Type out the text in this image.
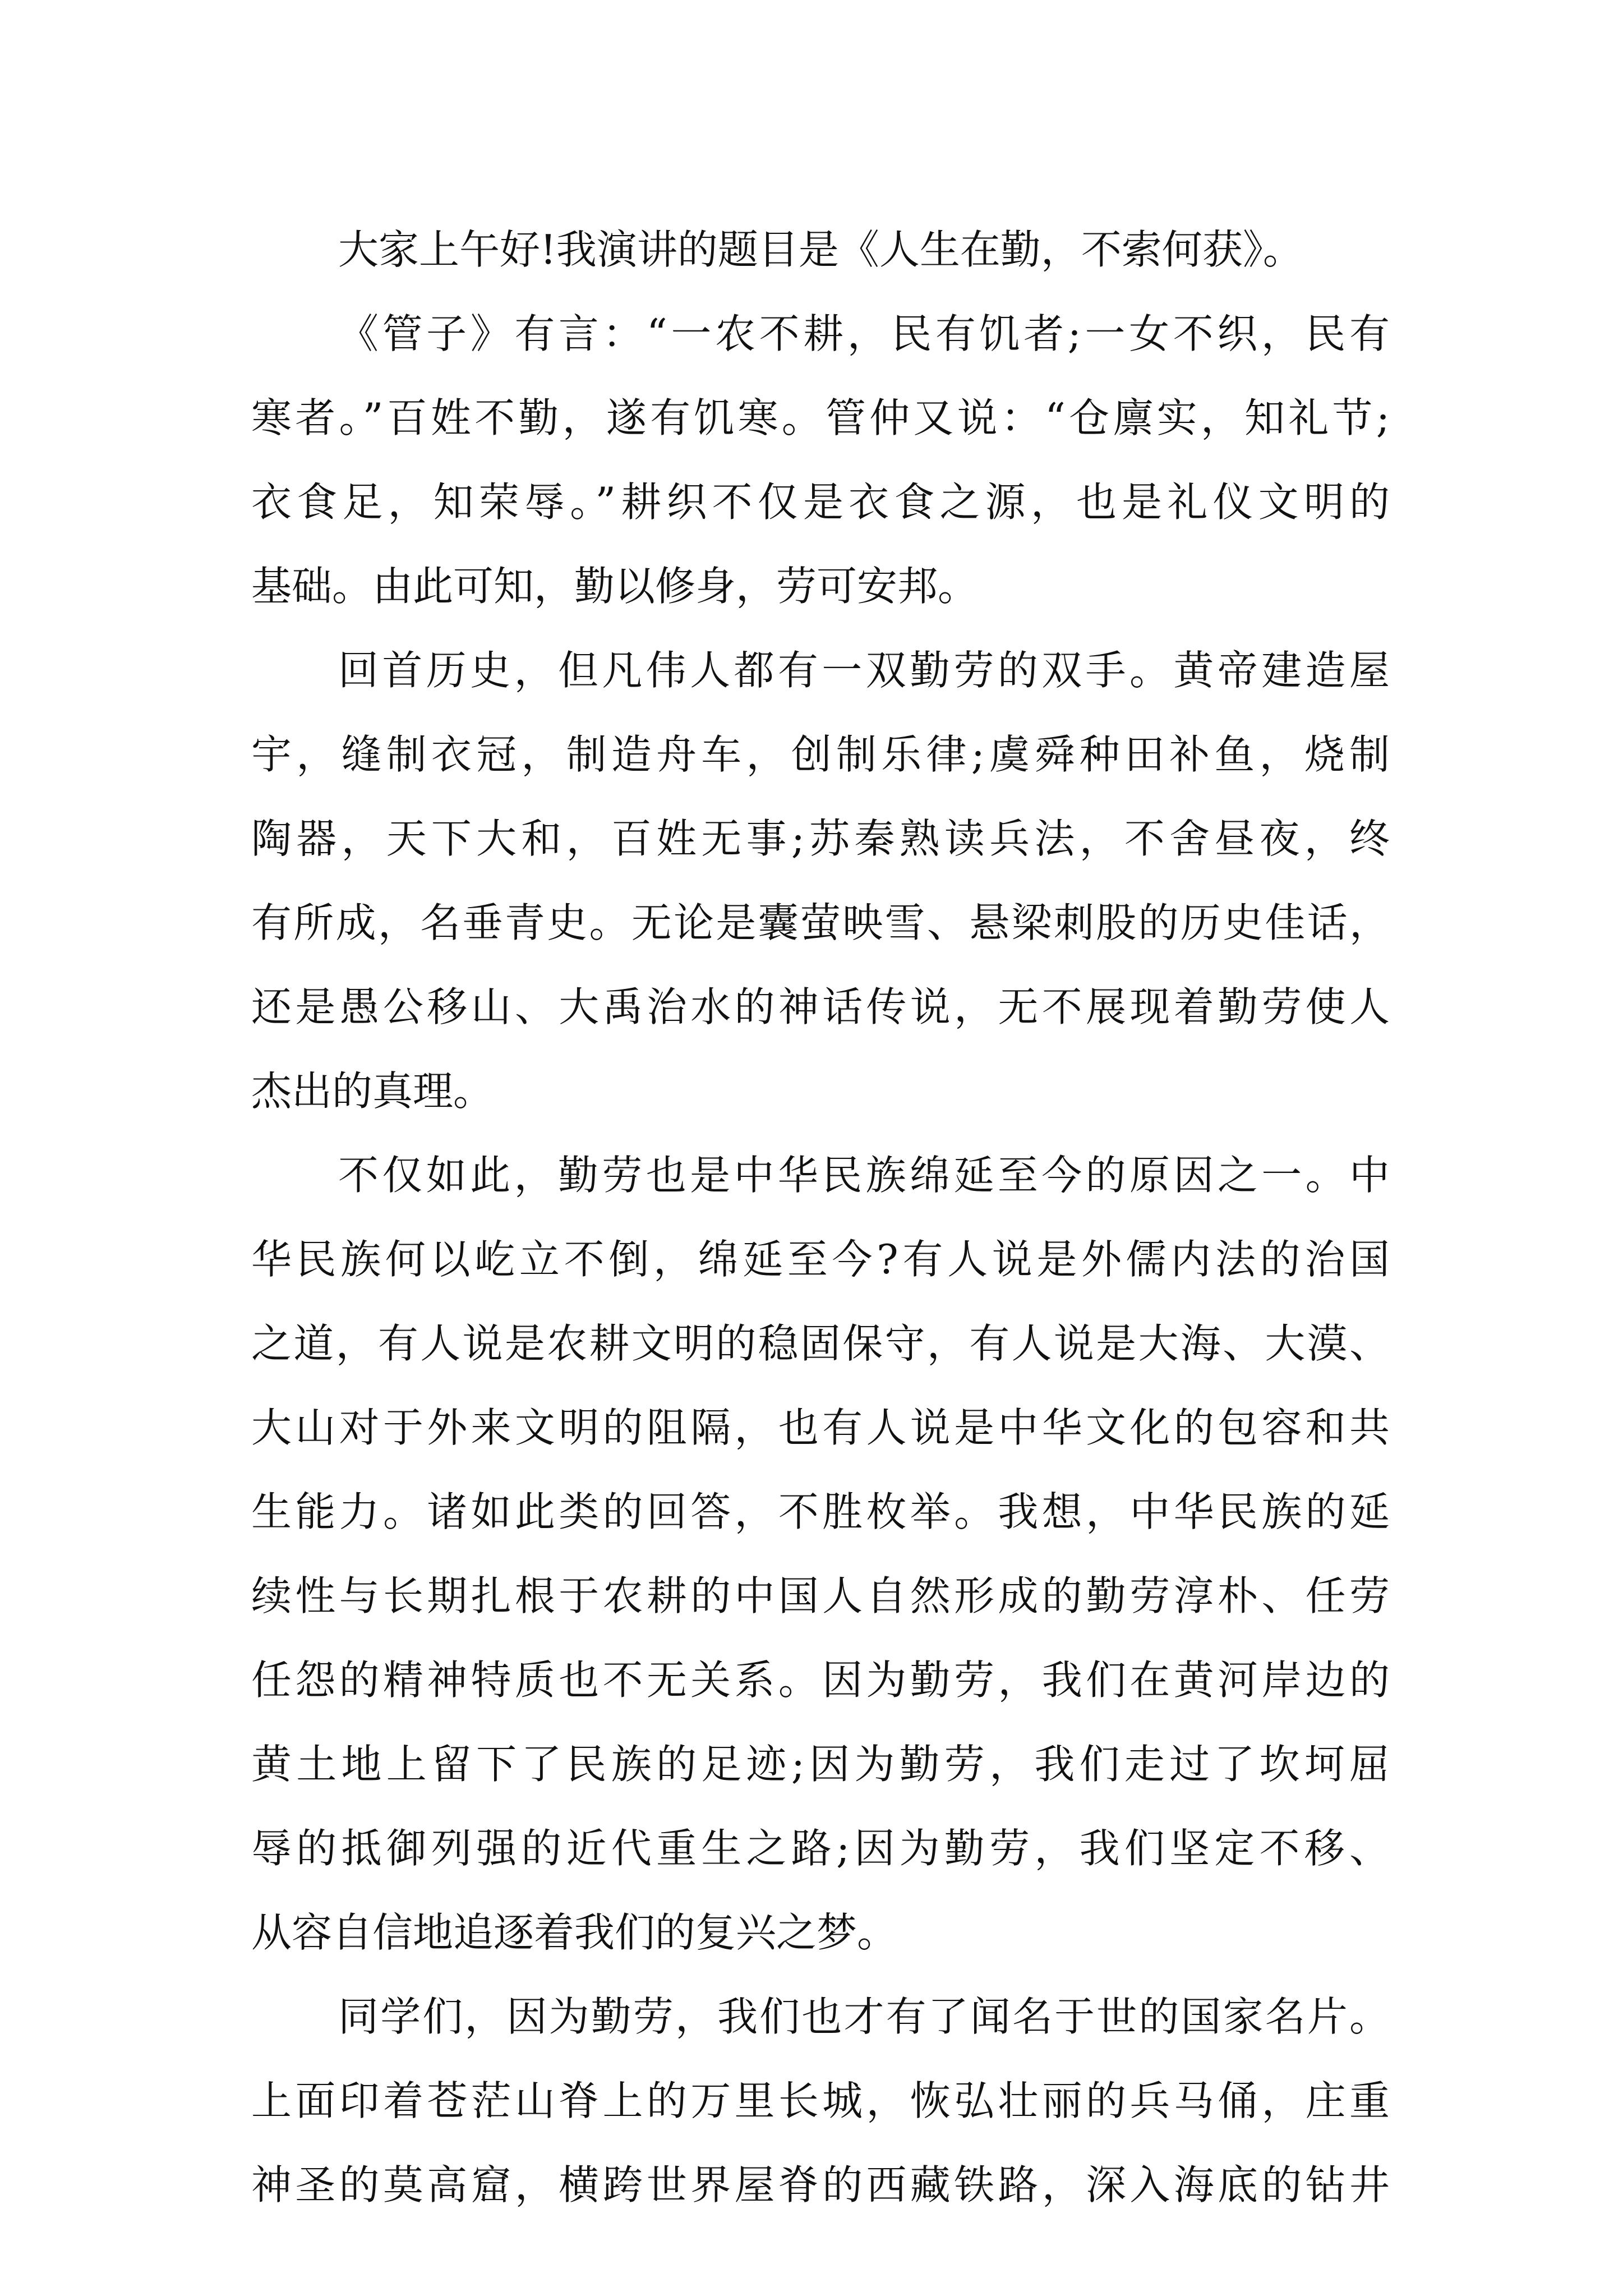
大家上午好!我演讲的题目是《人生在勤，不索何获》。
《管子》有言：“一农不耕，民有饥者;一女不织，民有
寒者。”百姓不勤，遂有饥寒。管仲又说：“仓廪实，知礼节;
衣食足，知荣辱。”耕织不仅是衣食之源，也是礼仪文明的
基础。由此可知，勤以修身，劳可安邦。
回首历史，但凡伟人都有一双勤劳的双手。黄帝建造屋
宇，缝制衣冠，制造舟车，创制乐律;虞舜种田补鱼，烧制
陶器，天下大和，百姓无事;苏秦熟读兵法，不舍昼夜，终
有所成，名垂青史。无论是囊萤映雪、悬梁刺股的历史佳话，
还是愚公移山、大禹治水的神话传说，无不展现着勤劳使人
杰出的真理。
不仅如此，勤劳也是中华民族绵延至今的原因之一。中
华民族何以屹立不倒，绵延至今?有人说是外儒内法的治国
之道，有人说是农耕文明的稳固保守，有人说是大海、大漠、
大山对于外来文明的阻隔，也有人说是中华文化的包容和共
生能力。诸如此类的回答，不胜枚举。我想，中华民族的延
续性与长期扎根于农耕的中国人自然形成的勤劳淳朴、任劳
任怨的精神特质也不无关系。因为勤劳，我们在黄河岸边的
黄土地上留下了民族的足迹;因为勤劳，我们走过了坎坷屈
辱的抵御列强的近代重生之路;因为勤劳，我们坚定不移、
从容自信地追逐着我们的复兴之梦。
同学们，因为勤劳，我们也才有了闻名于世的国家名片。
上面印着苍茫山脊上的万里长城，恢弘壮丽的兵马俑，庄重
神圣的莫高窟，横跨世界屋脊的西藏铁路，深入海底的钻井
